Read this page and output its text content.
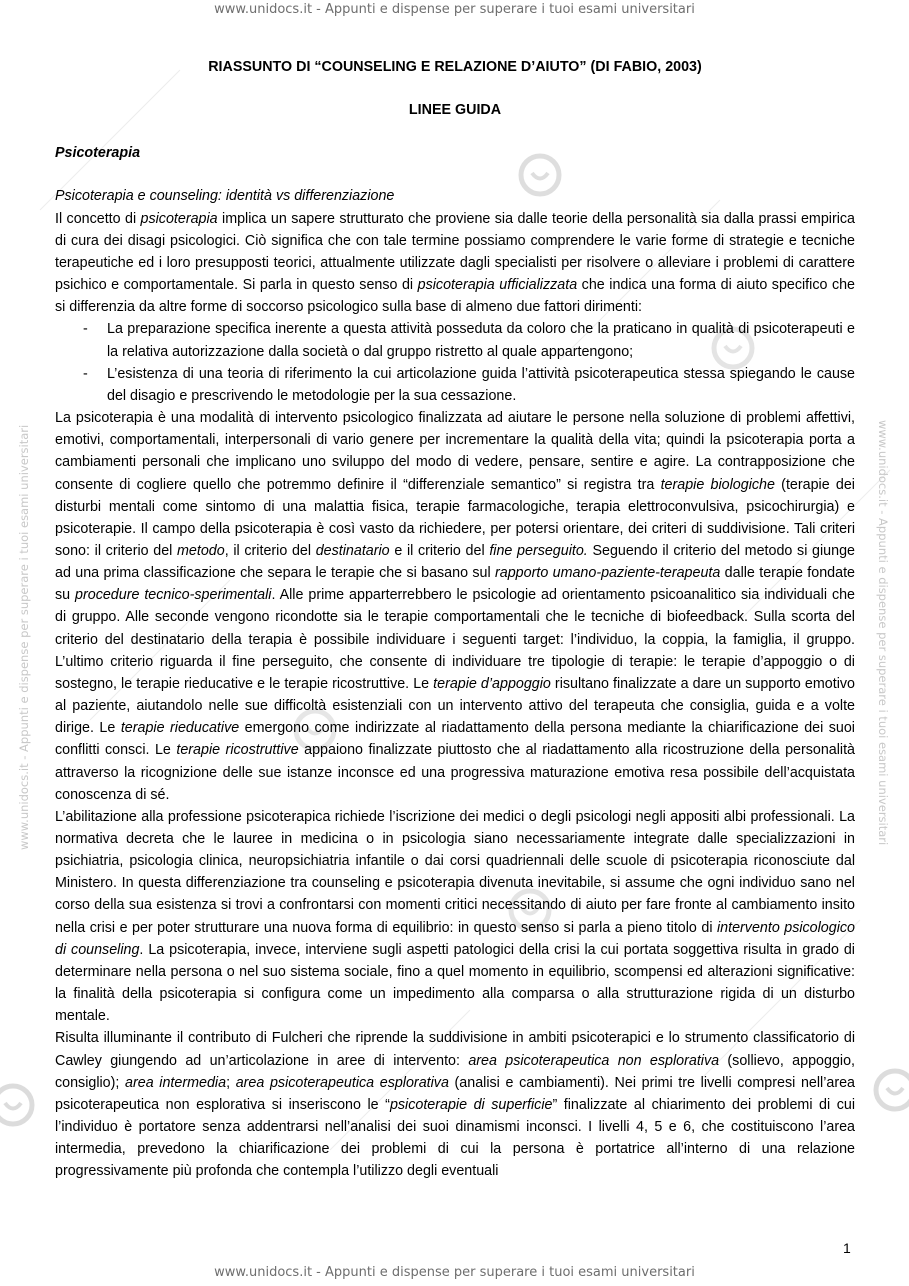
www.unidocs.it - Appunti e dispense per superare i tuoi esami universitari	www.unidocs.it - Appunti e dispense per superare i tuoi esami universitari
www.unidocs.it - Appunti e dispense per superare i tuoi esami universitari
www.unidocs.it - Appunti e dispense per superare i tuoi esami universitari
RIASSUNTO DI “COUNSELING E RELAZIONE D’AIUTO” (DI FABIO, 2003)
LINEE GUIDA
Psicoterapia
Psicoterapia e counseling: identità vs differenziazione

Il concetto di psicoterapia implica un sapere strutturato che proviene sia dalle teorie della personalità sia dalla prassi empirica di cura dei disagi psicologici. Ciò significa che con tale termine possiamo comprendere le varie forme di strategie e tecniche terapeutiche ed i loro presupposti teorici, attualmente utilizzate dagli specialisti per risolvere o alleviare i problemi di carattere psichico e comportamentale. Si parla in questo senso di psicoterapia ufficializzata che indica una forma di aiuto specifico che si differenzia da altre forme di soccorso psicologico sulla base di almeno due fattori dirimenti:

- La preparazione specifica inerente a questa attività posseduta da coloro che la praticano in qualità di psicoterapeuti e la relativa autorizzazione dalla società o dal gruppo ristretto al quale appartengono;
- L’esistenza di una teoria di riferimento la cui articolazione guida l’attività psicoterapeutica stessa spiegando le cause del disagio e prescrivendo le metodologie per la sua cessazione.

La psicoterapia è una modalità di intervento psicologico finalizzata ad aiutare le persone nella soluzione di problemi affettivi, emotivi, comportamentali, interpersonali di vario genere per incrementare la qualità della vita; quindi la psicoterapia porta a cambiamenti personali che implicano uno sviluppo del modo di vedere, pensare, sentire e agire. La contrapposizione che consente di cogliere quello che potremmo definire il “differenziale semantico” si registra tra terapie biologiche (terapie dei disturbi mentali come sintomo di una malattia fisica, terapie farmacologiche, terapia elettroconvulsiva, psicochirurgia) e psicoterapie. Il campo della psicoterapia è così vasto da richiedere, per potersi orientare, dei criteri di suddivisione. Tali criteri sono: il criterio del metodo, il criterio del destinatario e il criterio del fine perseguito. Seguendo il criterio del metodo si giunge ad una prima classificazione che separa le terapie che si basano sul rapporto umano-paziente-terapeuta dalle terapie fondate su procedure tecnico-sperimentali. Alle prime apparterrebbero le psicologie ad orientamento psicoanalitico sia individuali che di gruppo. Alle seconde vengono ricondotte sia le terapie comportamentali che le tecniche di biofeedback. Sulla scorta del criterio del destinatario della terapia è possibile individuare i seguenti target: l’individuo, la coppia, la famiglia, il gruppo. L’ultimo criterio riguarda il fine perseguito, che consente di individuare tre tipologie di terapie: le terapie d’appoggio o di sostegno, le terapie rieducative e le terapie ricostruttive. Le terapie d’appoggio risultano finalizzate a dare un supporto emotivo al paziente, aiutandolo nelle sue difficoltà esistenziali con un intervento attivo del terapeuta che consiglia, guida e a volte dirige. Le terapie rieducative emergono come indirizzate al riadattamento della persona mediante la chiarificazione dei suoi conflitti consci. Le terapie ricostruttive appaiono finalizzate piuttosto che al riadattamento alla ricostruzione della personalità attraverso la ricognizione delle sue istanze inconsce ed una progressiva maturazione emotiva resa possibile dell’acquistata conoscenza di sé.

L’abilitazione alla professione psicoterapica richiede l’iscrizione dei medici o degli psicologi negli appositi albi professionali. La normativa decreta che le lauree in medicina o in psicologia siano necessariamente integrate dalle specializzazioni in psichiatria, psicologia clinica, neuropsichiatria infantile o dai corsi quadriennali delle scuole di psicoterapia riconosciute dal Ministero. In questa differenziazione tra counseling e psicoterapia divenuta inevitabile, si assume che ogni individuo sano nel corso della sua esistenza si trovi a confrontarsi con momenti critici necessitando di aiuto per fare fronte al cambiamento insito nella crisi e per poter strutturare una nuova forma di equilibrio: in questo senso si parla a pieno titolo di intervento psicologico di counseling. La psicoterapia, invece, interviene sugli aspetti patologici della crisi la cui portata soggettiva risulta in grado di determinare nella persona o nel suo sistema sociale, fino a quel momento in equilibrio, scompensi ed alterazioni significative: la finalità della psicoterapia si configura come un impedimento alla comparsa o alla strutturazione rigida di un disturbo mentale.

Risulta illuminante il contributo di Fulcheri che riprende la suddivisione in ambiti psicoterapici e lo strumento classificatorio di Cawley giungendo ad un’articolazione in aree di intervento: area psicoterapeutica non esplorativa (sollievo, appoggio, consiglio); area intermedia; area psicoterapeutica esplorativa (analisi e cambiamenti). Nei primi tre livelli compresi nell’area psicoterapeutica non esplorativa si inseriscono le “psicoterapie di superficie” finalizzate al chiarimento dei problemi di cui l’individuo è portatore senza addentrarsi nell’analisi dei suoi dinamismi inconsci. I livelli 4, 5 e 6, che costituiscono l’area intermedia, prevedono la chiarificazione dei problemi di cui la persona è portatrice all’interno di una relazione progressivamente più profonda che contempla l’utilizzo degli eventuali

1
